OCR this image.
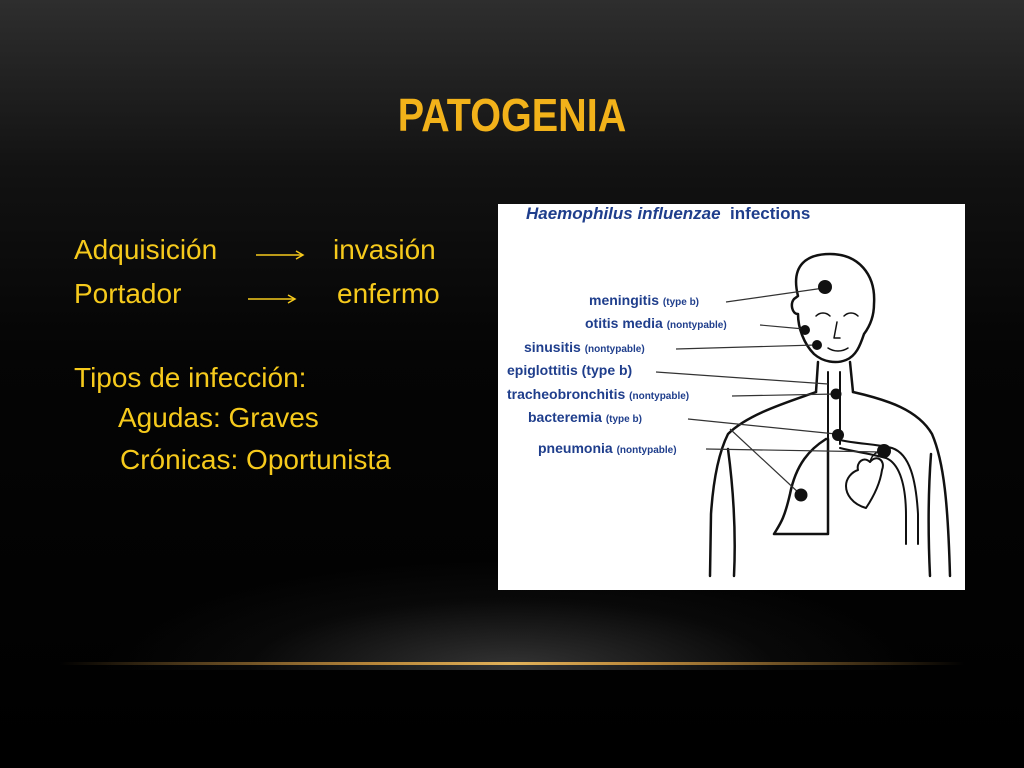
PATOGENIA
Adquisición	invasión
Portador	enfermo
Tipos de infección:
Agudas: Graves
Crónicas: Oportunista
Haemophilus influenzae infections
meningitis (type b)
otitis media (nontypable)
sinusitis (nontypable)
epiglottitis (type b)
tracheobronchitis (nontypable)
bacteremia (type b)
pneumonia (nontypable)
